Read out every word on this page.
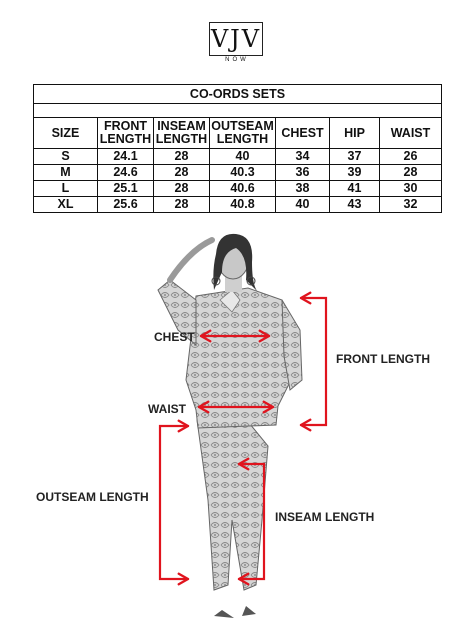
VJV
NOW
CO-ORDS SETS						

SIZE	FRONT LENGTH	INSEAM LENGTH	OUTSEAM LENGTH	CHEST	HIP	WAIST
S	24.1	28	40	34	37	26
M	24.6	28	40.3	36	39	28
L	25.1	28	40.6	38	41	30
XL	25.6	28	40.8	40	43	32
CHEST
FRONT LENGTH
WAIST
OUTSEAM LENGTH
INSEAM LENGTH
